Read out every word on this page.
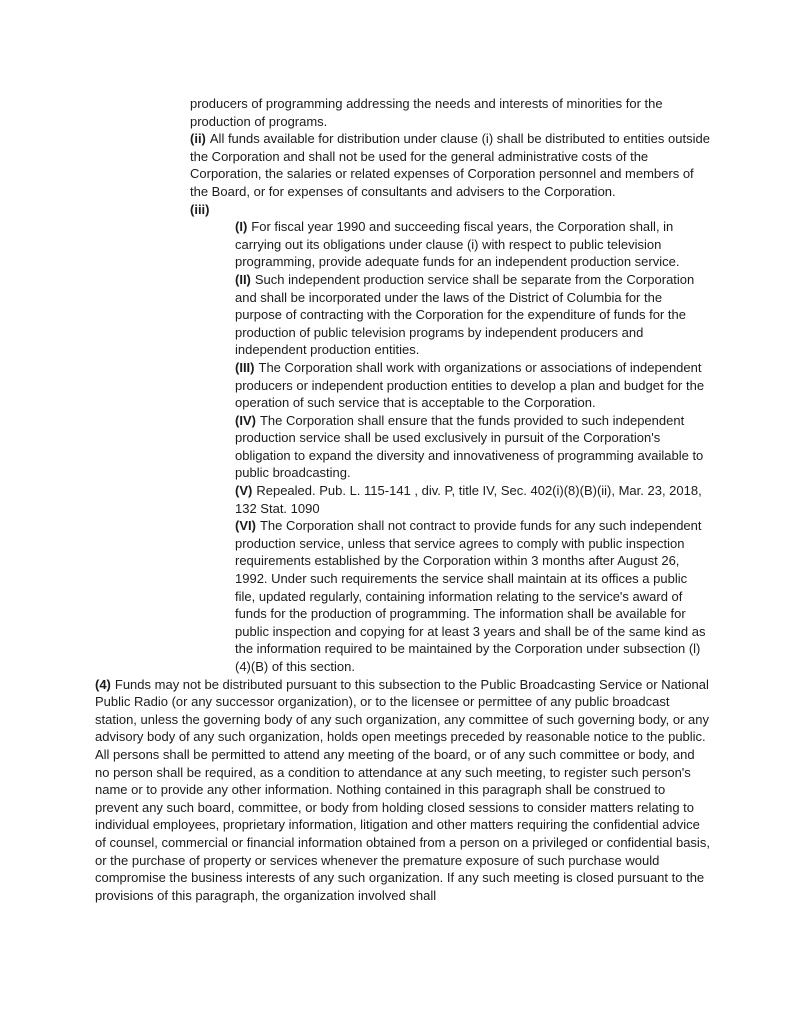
producers of programming addressing the needs and interests of minorities for the production of programs.
(ii) All funds available for distribution under clause (i) shall be distributed to entities outside the Corporation and shall not be used for the general administrative costs of the Corporation, the salaries or related expenses of Corporation personnel and members of the Board, or for expenses of consultants and advisers to the Corporation.
(iii)
(I) For fiscal year 1990 and succeeding fiscal years, the Corporation shall, in carrying out its obligations under clause (i) with respect to public television programming, provide adequate funds for an independent production service.
(II) Such independent production service shall be separate from the Corporation and shall be incorporated under the laws of the District of Columbia for the purpose of contracting with the Corporation for the expenditure of funds for the production of public television programs by independent producers and independent production entities.
(III) The Corporation shall work with organizations or associations of independent producers or independent production entities to develop a plan and budget for the operation of such service that is acceptable to the Corporation.
(IV) The Corporation shall ensure that the funds provided to such independent production service shall be used exclusively in pursuit of the Corporation's obligation to expand the diversity and innovativeness of programming available to public broadcasting.
(V) Repealed. Pub. L. 115-141 , div. P, title IV, Sec. 402(i)(8)(B)(ii), Mar. 23, 2018, 132 Stat. 1090
(VI) The Corporation shall not contract to provide funds for any such independent production service, unless that service agrees to comply with public inspection requirements established by the Corporation within 3 months after August 26, 1992. Under such requirements the service shall maintain at its offices a public file, updated regularly, containing information relating to the service's award of funds for the production of programming. The information shall be available for public inspection and copying for at least 3 years and shall be of the same kind as the information required to be maintained by the Corporation under subsection (l)(4)(B) of this section.
(4) Funds may not be distributed pursuant to this subsection to the Public Broadcasting Service or National Public Radio (or any successor organization), or to the licensee or permittee of any public broadcast station, unless the governing body of any such organization, any committee of such governing body, or any advisory body of any such organization, holds open meetings preceded by reasonable notice to the public. All persons shall be permitted to attend any meeting of the board, or of any such committee or body, and no person shall be required, as a condition to attendance at any such meeting, to register such person's name or to provide any other information. Nothing contained in this paragraph shall be construed to prevent any such board, committee, or body from holding closed sessions to consider matters relating to individual employees, proprietary information, litigation and other matters requiring the confidential advice of counsel, commercial or financial information obtained from a person on a privileged or confidential basis, or the purchase of property or services whenever the premature exposure of such purchase would compromise the business interests of any such organization. If any such meeting is closed pursuant to the provisions of this paragraph, the organization involved shall
